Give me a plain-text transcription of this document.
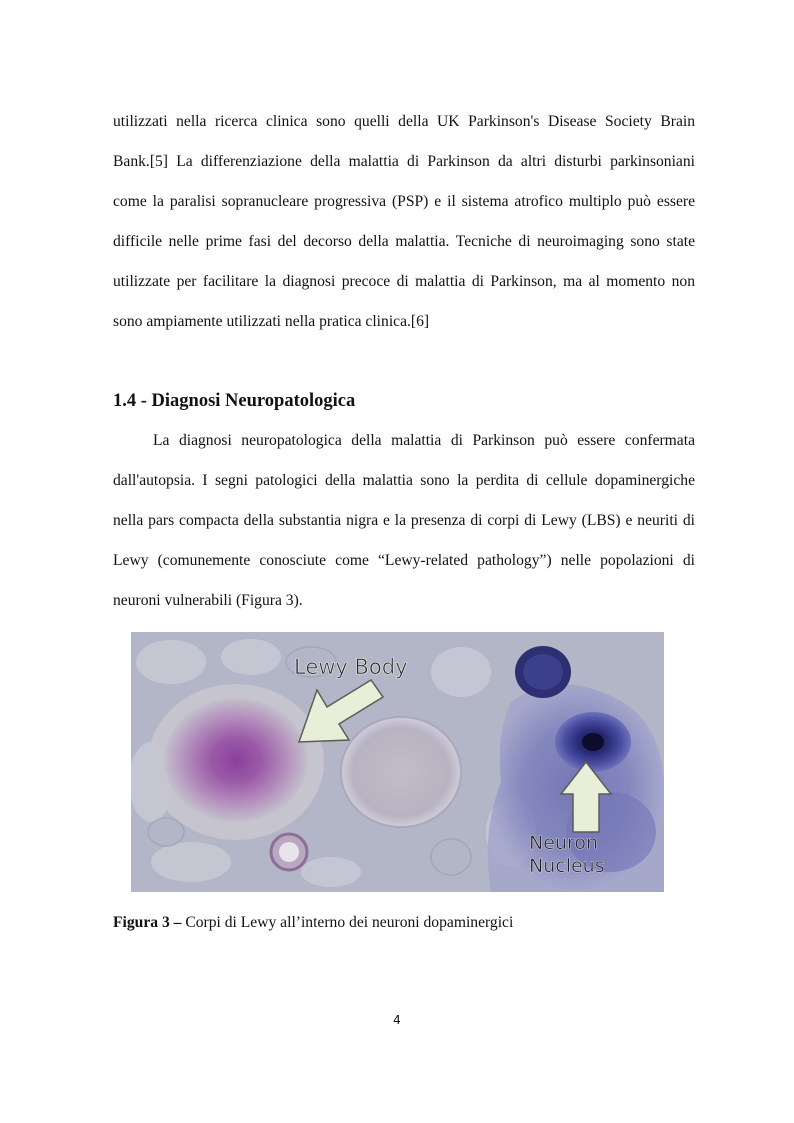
utilizzati nella ricerca clinica sono quelli della UK Parkinson's Disease Society Brain
Bank.[5] La differenziazione della malattia di Parkinson da altri disturbi parkinsoniani
come la paralisi sopranucleare progressiva (PSP) e il sistema atrofico multiplo può essere
difficile nelle prime fasi del decorso della malattia. Tecniche di neuroimaging sono state
utilizzate per facilitare la diagnosi precoce di malattia di Parkinson, ma al momento non
sono ampiamente utilizzati nella pratica clinica.[6]
1.4 - Diagnosi Neuropatologica
La diagnosi neuropatologica della malattia di Parkinson può essere confermata
dall'autopsia. I segni patologici della malattia sono la perdita di cellule dopaminergiche
nella pars compacta della substantia nigra e la presenza di corpi di Lewy (LBS) e neuriti di
Lewy (comunemente conosciute come “Lewy-related pathology”) nelle popolazioni di
neuroni vulnerabili (Figura 3).
Lewy Body
Neuron
Nucleus
Figura 3 – Corpi di Lewy all’interno dei neuroni dopaminergici
4
